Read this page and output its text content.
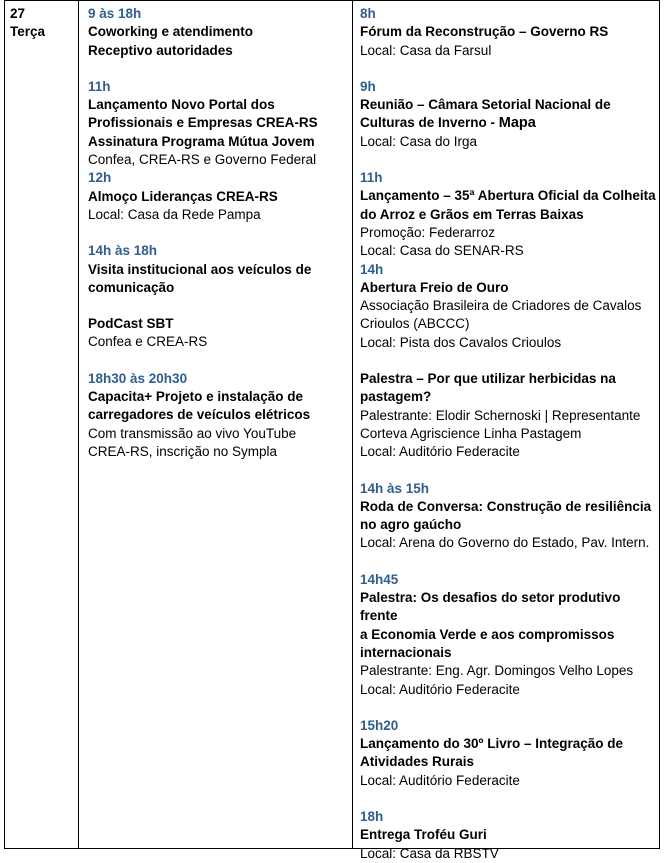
27
Terça
9 às 18h
Coworking e atendimento
Receptivo autoridades
11h
Lançamento Novo Portal dos
Profissionais e Empresas CREA-RS
Assinatura Programa Mútua Jovem
Confea, CREA-RS e Governo Federal
12h
Almoço Lideranças CREA-RS
Local: Casa da Rede Pampa
14h às 18h
Visita institucional aos veículos de
comunicação
PodCast SBT
Confea e CREA-RS
18h30 às 20h30
Capacita+ Projeto e instalação de
carregadores de veículos elétricos
Com transmissão ao vivo YouTube
CREA-RS, inscrição no Sympla
8h
Fórum da Reconstrução – Governo RS
Local: Casa da Farsul
9h
Reunião – Câmara Setorial Nacional de
Culturas de Inverno - Mapa
Local: Casa do Irga
11h
Lançamento – 35ª Abertura Oficial da Colheita
do Arroz e Grãos em Terras Baixas
Promoção: Federarroz
Local: Casa do SENAR-RS
14h
Abertura Freio de Ouro
Associação Brasileira de Criadores de Cavalos
Crioulos (ABCCC)
Local: Pista dos Cavalos Crioulos
Palestra – Por que utilizar herbicidas na
pastagem?
Palestrante: Elodir Schernoski | Representante
Corteva Agriscience Linha Pastagem
Local: Auditório Federacite
14h às 15h
Roda de Conversa: Construção de resiliência
no agro gaúcho
Local: Arena do Governo do Estado, Pav. Intern.
14h45
Palestra: Os desafios do setor produtivo frente
a Economia Verde e aos compromissos
internacionais
Palestrante: Eng. Agr. Domingos Velho Lopes
Local: Auditório Federacite
15h20
Lançamento do 30º Livro – Integração de
Atividades Rurais
Local: Auditório Federacite
18h
Entrega Troféu Guri
Local: Casa da RBSTV
